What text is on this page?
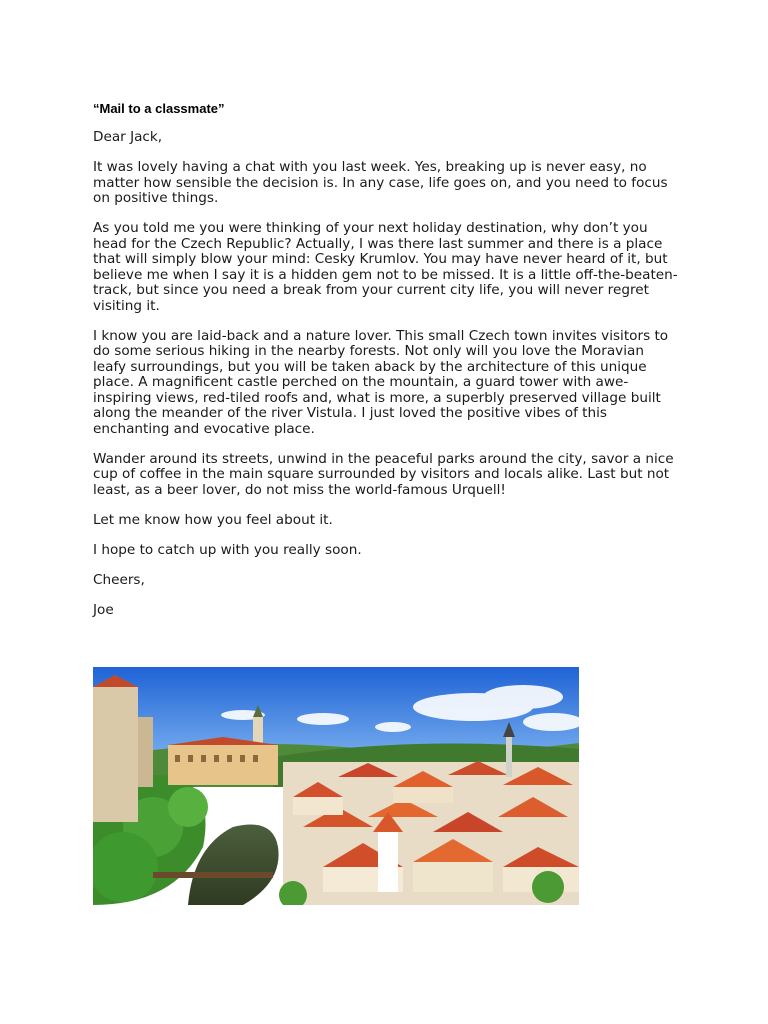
“Mail to a classmate”

Dear Jack,

It was lovely having a chat with you last week. Yes, breaking up is never easy, no matter how sensible the decision is. In any case, life goes on, and you need to focus on positive things.

As you told me you were thinking of your next holiday destination, why don’t you head for the Czech Republic? Actually, I was there last summer and there is a place that will simply blow your mind: Cesky Krumlov. You may have never heard of it, but believe me when I say it is a hidden gem not to be missed. It is a little off-the-beaten-track, but since you need a break from your current city life, you will never regret visiting it.

I know you are laid-back and a nature lover. This small Czech town invites visitors to do some serious hiking in the nearby forests. Not only will you love the Moravian leafy surroundings, but you will be taken aback by the architecture of this unique place. A magnificent castle perched on the mountain, a guard tower with awe-inspiring views, red-tiled roofs and, what is more, a superbly preserved village built along the meander of the river Vistula. I just loved the positive vibes of this enchanting and evocative place.

Wander around its streets, unwind in the peaceful parks around the city, savor a nice cup of coffee in the main square surrounded by visitors and locals alike. Last but not least, as a beer lover, do not miss the world-famous Urquell!

Let me know how you feel about it.

I hope to catch up with you really soon.

Cheers,

Joe
